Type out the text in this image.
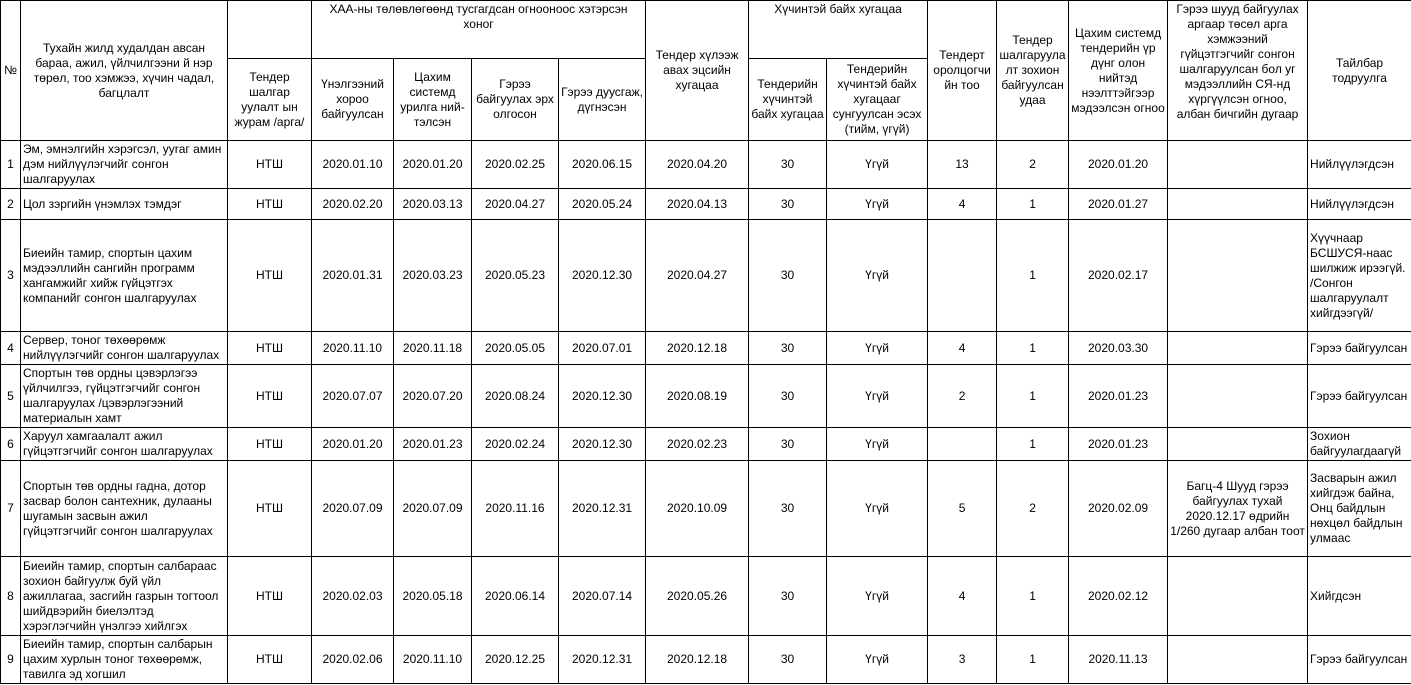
№	Тухайн жилд худалдан авсан бараа, ажил, үйлчилгээни й нэр төрөл, тоо хэмжээ, хүчин чадал, багцлалт		ХАА-ны төлөвлөгөөнд тусгагдсан огнооноос хэтэрсэн хоног				Тендер хүлээж авах эцсийн хугацаа	Хүчинтэй байх хугацаа		Тендерт оролцогчи йн тоо	Тендер шалгаруула лт зохион байгуулсан удаа	Цахим системд тендерийн үр дүнг олон нийтэд нээлттэйгээр мэдээлсэн огноо	Гэрээ шууд байгуулах аргаар төсөл арга хэмжээний гүйцэтгэгчийг сонгон шалгаруулсан бол уг мэдээллийн СЯ-нд хүргүүлсэн огноо, албан бичгийн дугаар	Тайлбар тодруулга
		Тендер шалгар уулалт ын журам /арга/	Үнэлгээний хороо байгуулсан	Цахим системд урилга ний-тэлсэн	Гэрээ байгуулах эрх олгосон	Гэрээ дуусгаж, дүгнэсэн		Тендерийн хүчинтэй байх хугацаа	Тендерийн хүчинтэй байх хугацааг сунгуулсан эсэх (тийм, үгүй)					
1	Эм, эмнэлгийн хэрэгсэл, ууraг амин дэм нийлүүлэгчийг сонгон шалгаруулах	НТШ	2020.01.10	2020.01.20	2020.02.25	2020.06.15	2020.04.20	30	Үгүй	13	2	2020.01.20		Нийлүүлэгдсэн
2	Цол зэргийн үнэмлэх тэмдэг	НТШ	2020.02.20	2020.03.13	2020.04.27	2020.05.24	2020.04.13	30	Үгүй	4	1	2020.01.27		Нийлүүлэгдсэн
3	Биеийн тамир, спортын цахим мэдээллийн сангийн программ хангамжийг хийж гүйцэтгэх компанийг сонгон шалгаруулах	НТШ	2020.01.31	2020.03.23	2020.05.23	2020.12.30	2020.04.27	30	Үгүй		1	2020.02.17		Хүүчнаар БСШУСЯ-наас шилжиж ирээгүй. /Сонгон шалгаруулалт хийгдээгүй/
4	Сервер, тоног төхөөрөмж нийлүүлэгчийг сонгон шалгаруулах	НТШ	2020.11.10	2020.11.18	2020.05.05	2020.07.01	2020.12.18	30	Үгүй	4	1	2020.03.30		Гэрээ байгуулсан
5	Спортын төв ордны цэвэрлэгээ үйлчилгээ, гүйцэтгэгчийг сонгон шалгаруулах /цэвэрлэгээний материалын хамт	НТШ	2020.07.07	2020.07.20	2020.08.24	2020.12.30	2020.08.19	30	Үгүй	2	1	2020.01.23		Гэрээ байгуулсан
6	Харуул хамгаалалт ажил гүйцэтгэгчийг сонгон шалгаруулах	НТШ	2020.01.20	2020.01.23	2020.02.24	2020.12.30	2020.02.23	30	Үгүй		1	2020.01.23		Зохион байгуулагдаагүй
7	Спортын төв ордны гадна, дотор засвар болон сантехник, дулааны шугамын засвын ажил гүйцэтгэгчийг сонгон шалгаруулах	НТШ	2020.07.09	2020.07.09	2020.11.16	2020.12.31	2020.10.09	30	Үгүй	5	2	2020.02.09	Багц-4 Шууд гэрээ байгуулах тухай 2020.12.17 өдрийн 1/260 дугаар албан тоот	Засварын ажил хийгдэж байна, Онц байдлын нөхцөл байдлын улмаас
8	Биеийн тамир, спортын салбараас зохион байгуулж буй үйл ажиллагаа, засгийн газрын тогтоол шийдвэрийн биелэлтэд хэрэглэгчийн үнэлгээ хийлгэх	НТШ	2020.02.03	2020.05.18	2020.06.14	2020.07.14	2020.05.26	30	Үгүй	4	1	2020.02.12		Хийгдсэн
9	Биеийн тамир, спортын салбарын цахим хурлын тоног төхөөрөмж, тавилга эд хогшил	НТШ	2020.02.06	2020.11.10	2020.12.25	2020.12.31	2020.12.18	30	Үгүй	3	1	2020.11.13		Гэрээ байгуулсан
